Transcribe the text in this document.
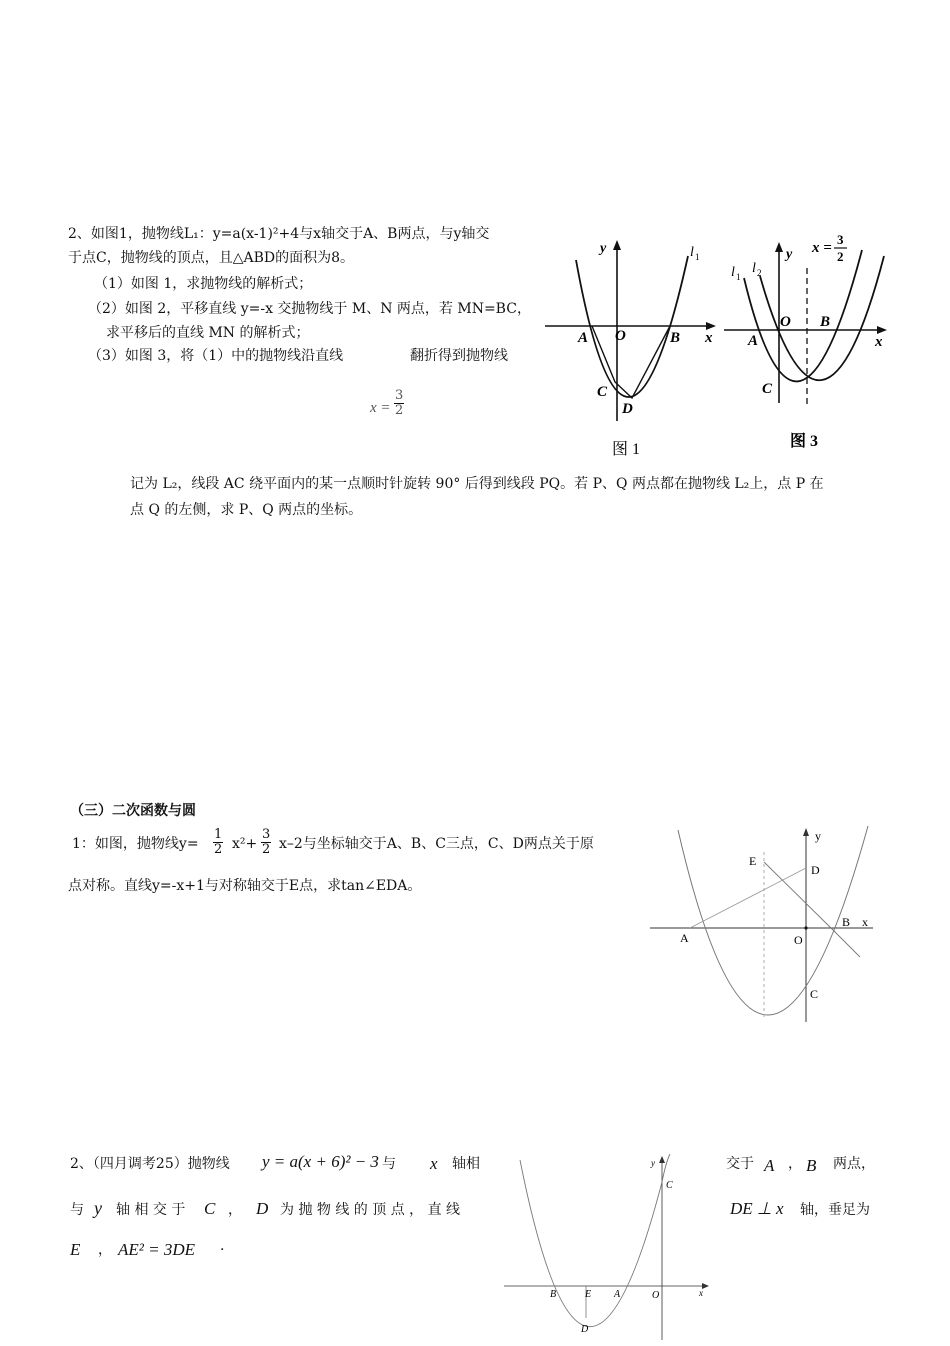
2、如图1，抛物线L₁：y=a(x-1)²+4与x轴交于A、B两点，与y轴交
于点C，抛物线的顶点，且△ABD的面积为8。
（1）如图 1，求抛物线的解析式；
（2）如图 2，平移直线 y=-x 交抛物线于 M、N 两点，若 MN=BC，
求平移后的直线 MN 的解析式；
（3）如图 3，将（1）中的抛物线沿直线	翻折得到抛物线
$x = \frac{3}{2}$
记为 L₂，线段 AC 绕平面内的某一点顺时针旋转 90° 后得到线段 PQ。若 P、Q 两点都在抛物线 L₂上，点 P 在
点 Q 的左侧，求 P、Q 两点的坐标。
y	l 1
x
A O	B
C
D
图 1
y
l 1
l 2
x =
3
2
x
A
O B
C
图 3
（三）二次函数与圆
1：如图，抛物线$y= \frac{1}{2} x^2+ \frac{3}{2} x-2$与坐标轴交于A、B、C三点，C、D两点关于原
点对称。直线y=-x+1与对称轴交于E点，求tan∠EDA。
y
E
D
B x
A	O
C
2、（四月调考25）抛物线 y = a(x + 6)² − 3 与 x 轴相	交于 A ， B 两点，
与 y 轴 相 交 于 C ， D 为 抛 物 线 的 顶 点 ， 直 线	DE ⊥ x 轴，垂足为
E ， AE² = 3DE .
y
C
B	E A	O	x
D
